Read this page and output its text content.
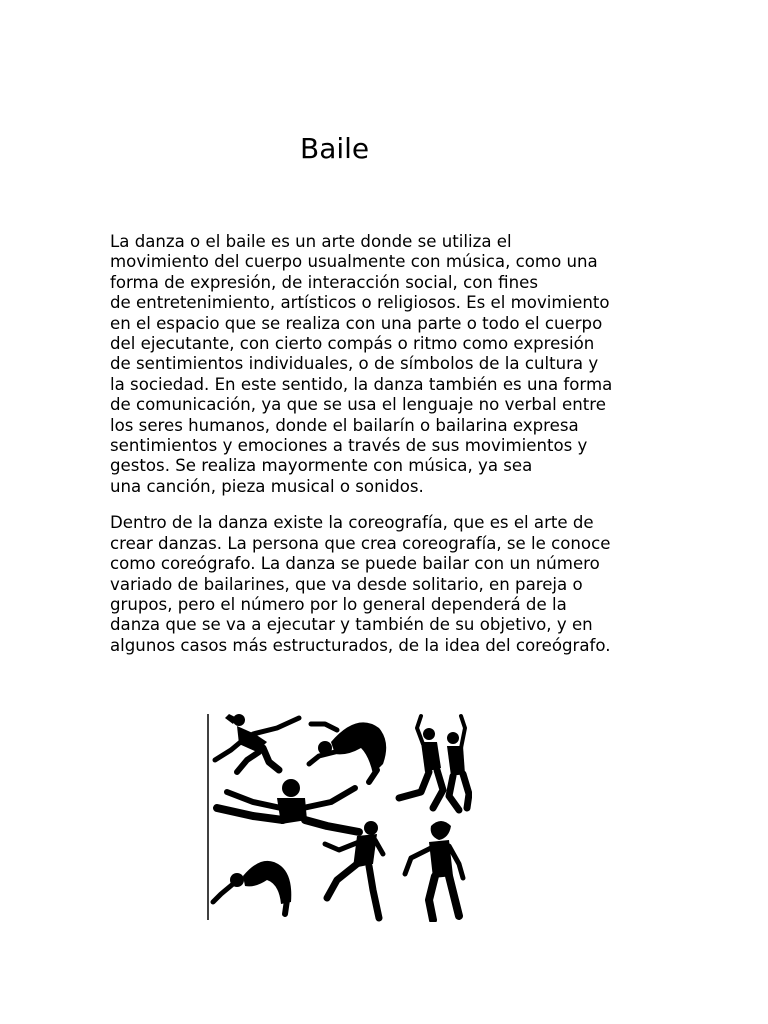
Baile

La danza o el baile es un arte donde se utiliza el
movimiento del cuerpo usualmente con música, como una
forma de expresión, de interacción social, con fines
de entretenimiento, artísticos o religiosos. Es el movimiento
en el espacio que se realiza con una parte o todo el cuerpo
del ejecutante, con cierto compás o ritmo como expresión
de sentimientos individuales, o de símbolos de la cultura y
la sociedad. En este sentido, la danza también es una forma
de comunicación, ya que se usa el lenguaje no verbal entre
los seres humanos, donde el bailarín o bailarina expresa
sentimientos y emociones a través de sus movimientos y
gestos. Se realiza mayormente con música, ya sea
una canción, pieza musical o sonidos.

Dentro de la danza existe la coreografía, que es el arte de
crear danzas. La persona que crea coreografía, se le conoce
como coreógrafo. La danza se puede bailar con un número
variado de bailarines, que va desde solitario, en pareja o
grupos, pero el número por lo general dependerá de la
danza que se va a ejecutar y también de su objetivo, y en
algunos casos más estructurados, de la idea del coreógrafo.
